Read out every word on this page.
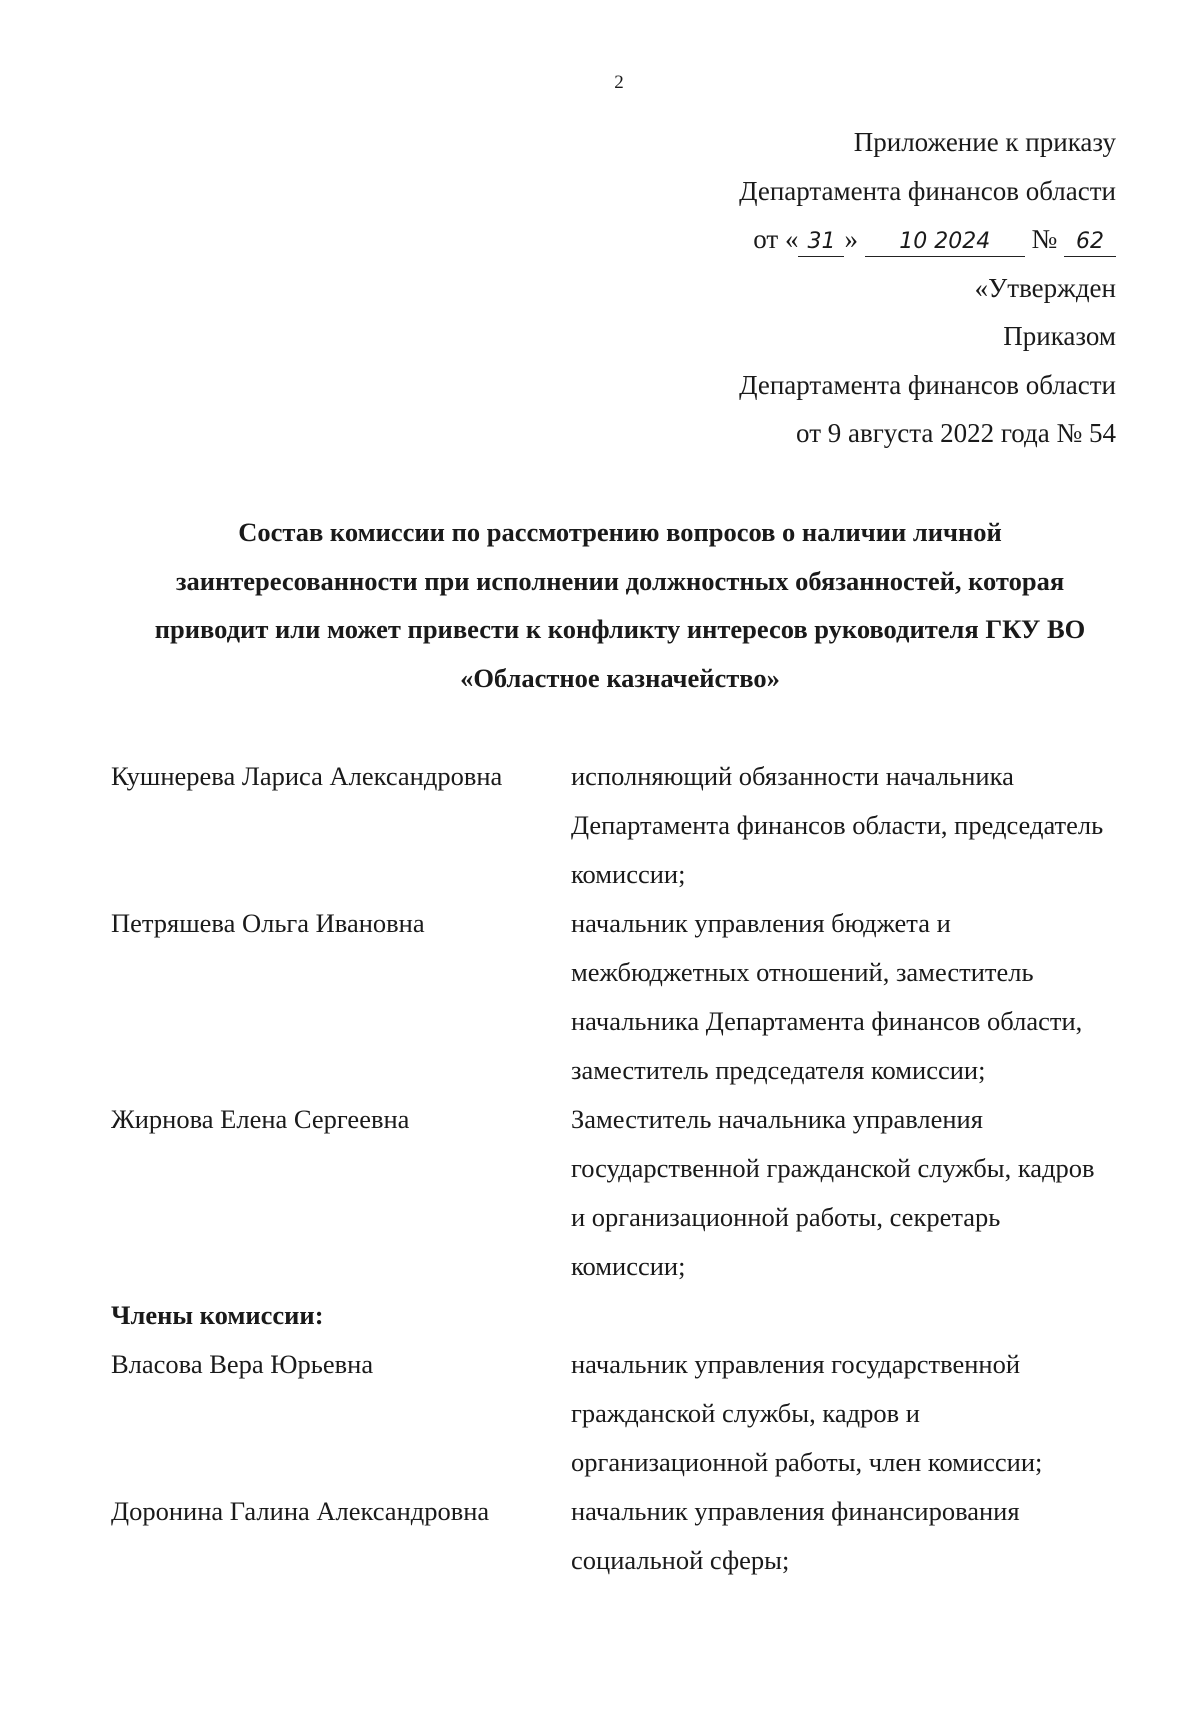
2
Приложение к приказу
Департамента финансов области
от « 31 » 10 2024 № 62
«Утвержден
Приказом
Департамента финансов области
от 9 августа 2022 года № 54
Состав комиссии по рассмотрению вопросов о наличии личной
заинтересованности при исполнении должностных обязанностей, которая
приводит или может привести к конфликту интересов руководителя ГКУ ВО
«Областное казначейство»
Кушнерева Лариса Александровна	исполняющий обязанности начальника
Департамента финансов области, председатель
комиссии;
Петряшева Ольга Ивановна	начальник управления бюджета и
межбюджетных отношений, заместитель
начальника Департамента финансов области,
заместитель председателя комиссии;
Жирнова Елена Сергеевна	Заместитель начальника управления
государственной гражданской службы, кадров
и организационной работы, секретарь
комиссии;
Члены комиссии:
Власова Вера Юрьевна	начальник управления государственной
гражданской службы, кадров и
организационной работы, член комиссии;
Доронина Галина Александровна	начальник управления финансирования
социальной сферы;
